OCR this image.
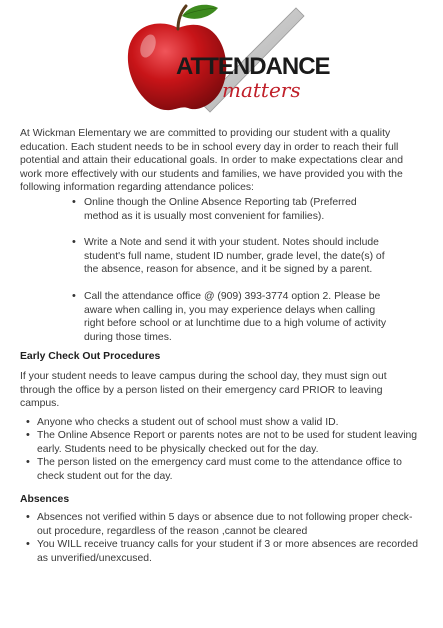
ATTENDANCE
matters

At Wickman Elementary we are committed to providing our student with a quality education. Each student needs to be in school every day in order to reach their full potential and attain their educational goals. In order to make expectations clear and work more effectively with our students and families, we have provided you with the following information regarding attendance polices:

• Online though the Online Absence Reporting tab (Preferred method as it is usually most convenient for families).
• Write a Note and send it with your student. Notes should include student's full name, student ID number, grade level, the date(s) of the absence, reason for absence, and it be signed by a parent.
• Call the attendance office @ (909) 393-3774 option 2. Please be aware when calling in, you may experience delays when calling right before school or at lunchtime due to a high volume of activity during those times.
Early Check Out Procedures

If your student needs to leave campus during the school day, they must sign out through the office by a person listed on their emergency card PRIOR to leaving campus.

• Anyone who checks a student out of school must show a valid ID.
• The Online Absence Report or parents notes are not to be used for student leaving early. Students need to be physically checked out for the day.
• The person listed on the emergency card must come to the attendance office to check student out for the day.
Absences
• Absences not verified within 5 days or absence due to not following proper check-out procedure, regardless of the reason ,cannot be cleared
• You WILL receive truancy calls for your student if 3 or more absences are recorded as unverified/unexcused.
